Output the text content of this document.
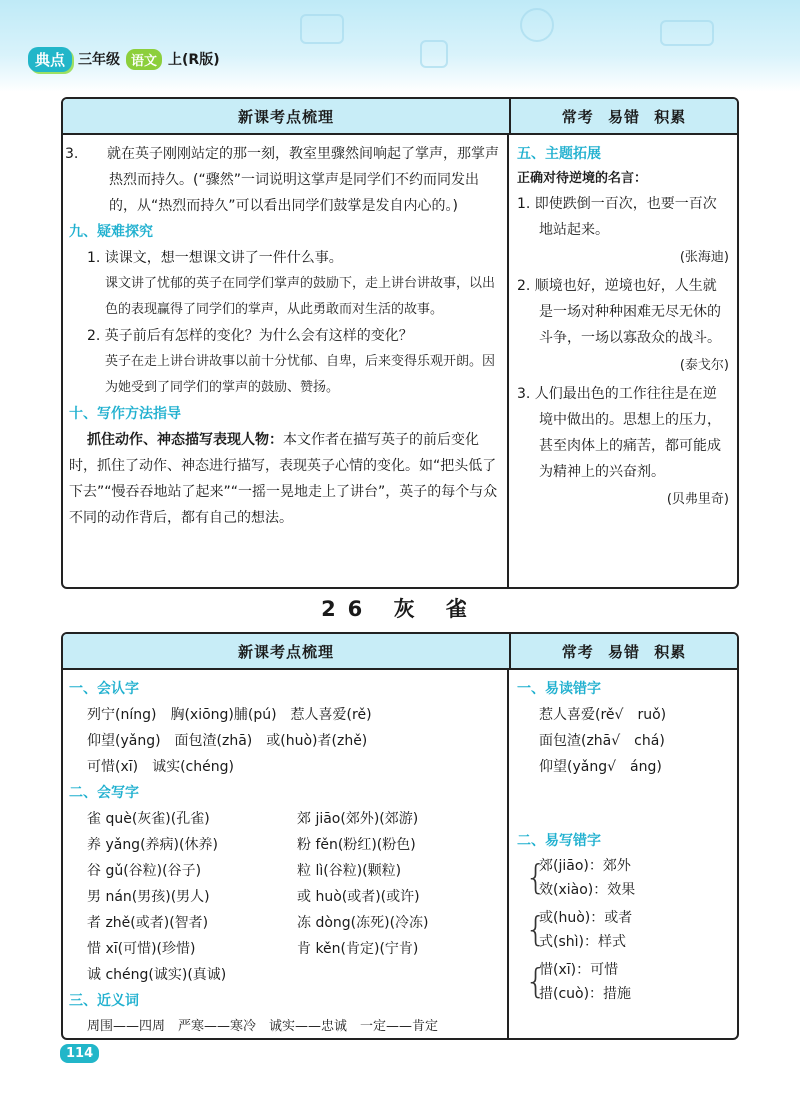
典点 三年级 语文 上(R版)
新课考点梳理	常考 易错 积累
3. 就在英子刚刚站定的那一刻，教室里骤然间响起了掌声，那掌声热烈而持久。(“骤然”一词说明这掌声是同学们不约而同发出的，从“热烈而持久”可以看出同学们鼓掌是发自内心的。)
九、疑难探究
1. 读课文，想一想课文讲了一件什么事。
课文讲了忧郁的英子在同学们掌声的鼓励下，走上讲台讲故事，以出色的表现赢得了同学们的掌声，从此勇敢而对生活的故事。
2. 英子前后有怎样的变化？为什么会有这样的变化？
英子在走上讲台讲故事以前十分忧郁、自卑，后来变得乐观开朗。因为她受到了同学们的掌声的鼓励、赞扬。
十、写作方法指导
抓住动作、神态描写表现人物：本文作者在描写英子的前后变化时，抓住了动作、神态进行描写，表现英子心情的变化。如“把头低了下去”“慢吞吞地站了起来”“一摇一晃地走上了讲台”，英子的每个与众不同的动作背后，都有自己的想法。
五、主题拓展
正确对待逆境的名言：
1. 即使跌倒一百次，也要一百次地站起来。
(张海迪)
2. 顺境也好，逆境也好，人生就是一场对种种困难无尽无休的斗争，一场以寡敌众的战斗。
(泰戈尔)
3. 人们最出色的工作往往是在逆境中做出的。思想上的压力，甚至肉体上的痛苦，都可能成为精神上的兴奋剂。
(贝弗里奇)
26 灰 雀
新课考点梳理	常考 易错 积累
一、会认字
列宁(níng)　胸(xiōng)脯(pú)　惹人喜爱(rě)
仰望(yǎng)　面包渣(zhā)　或(huò)者(zhě)
可惜(xī)　诚实(chéng)
二、会写字
雀 què(灰雀)(孔雀)	郊 jiāo(郊外)(郊游)
养 yǎng(养病)(休养)	粉 fěn(粉红)(粉色)
谷 gǔ(谷粒)(谷子)	粒 lì(谷粒)(颗粒)
男 nán(男孩)(男人)	或 huò(或者)(或许)
者 zhě(或者)(智者)	冻 dòng(冻死)(冷冻)
惜 xī(可惜)(珍惜)	肯 kěn(肯定)(宁肯)
诚 chéng(诚实)(真诚)
三、近义词
周围——四周　严寒——寒冷　诚实——忠诚　一定——肯定
一、易读错字
惹人喜爱(rě√　ruǒ)
面包渣(zhā√　chá)
仰望(yǎng√　áng)
二、易写错字
{
郊(jiāo)：郊外
效(xiào)：效果
{
或(huò)：或者
式(shì)：样式
{
惜(xī)：可惜
措(cuò)：措施
114
